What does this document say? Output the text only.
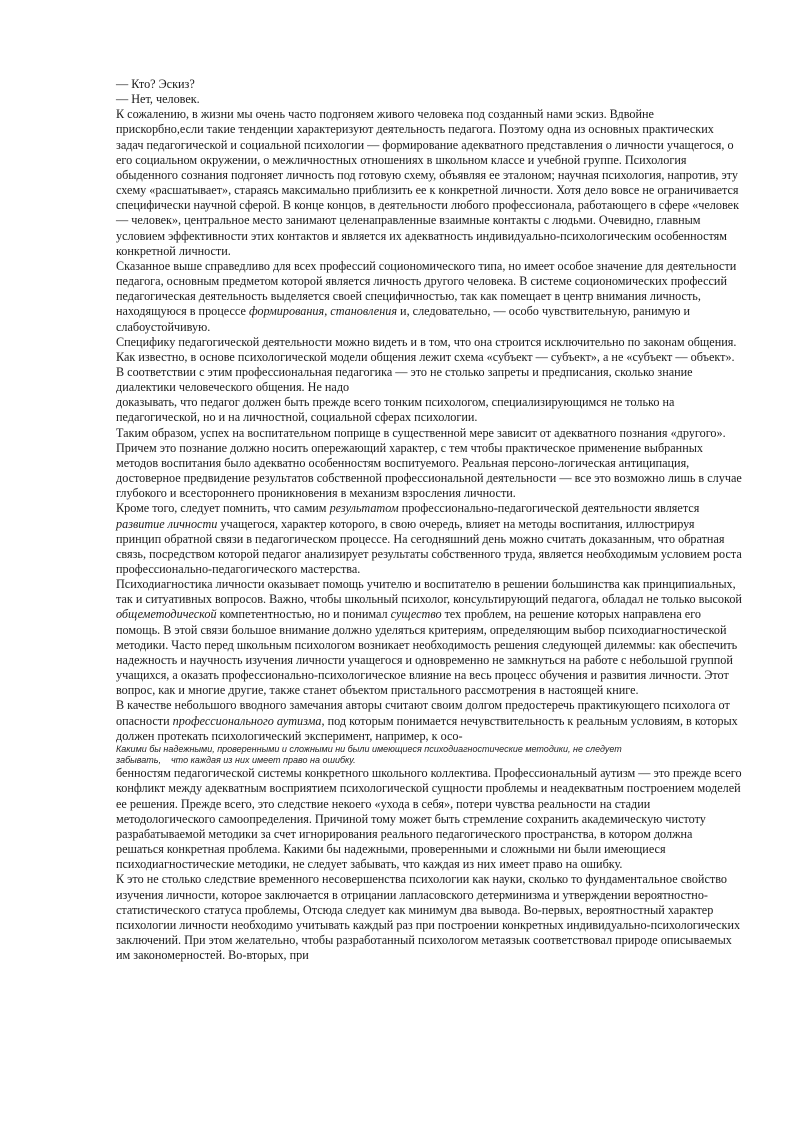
— Кто? Эскиз?

— Нет, человек.

К сожалению, в жизни мы очень часто подгоняем живого человека под созданный нами эскиз. Вдвойне прискорбно,если такие тенденции характеризуют деятельность педагога. Поэтому одна из основных практических задач педагогической и социальной психологии — формирование адекватного представления о личности учащегося, о его социальном окружении, о межличностных отношениях в школьном классе и учебной группе. Психология обыденного сознания подгоняет личность под готовую схему, объявляя ее эталоном; научная психология, напротив, эту схему «расшатывает», стараясь максимально приблизить ее к конкретной личности. Хотя дело вовсе не ограничивается специфически научной сферой. В конце концов, в деятельности любого профессионала, работающего в сфере «человек — человек», центральное место занимают целенаправленные взаимные контакты с людьми. Очевидно, главным условием эффективности этих контактов и является их адекватность индивидуально-психологическим особенностям конкретной личности.

Сказанное выше справедливо для всех профессий социономического типа, но имеет особое значение для деятельности педагога, основным предметом которой является личность другого человека. В системе социономических профессий педагогическая деятельность выделяется своей специфичностью, так как помещает в центр внимания личность, находящуюся в процессе формирования, становления и, следовательно, — особо чувствительную, ранимую и слабоустойчивую.

Специфику педагогической деятельности можно видеть и в том, что она строится исключительно по законам общения. Как известно, в основе психологической модели общения лежит схема «субъект — субъект», а не «субъект — объект». В соответствии с этим профессиональная педагогика — это не столько запреты и предписания, сколько знание диалектики человеческого общения. Не надо

доказывать, что педагог должен быть прежде всего тонким психологом, специализирующимся не только на педагогической, но и на личностной, социальной сферах психологии.

Таким образом, успех на воспитательном поприще в существенной мере зависит от адекватного познания «другого». Причем это познание должно носить опережающий характер, с тем чтобы практическое применение выбранных методов воспитания было адекватно особенностям воспитуемого. Реальная персоно-логическая антиципация, достоверное предвидение результатов собственной профессиональной деятельности — все это возможно лишь в случае глубокого и всестороннего проникновения в механизм взросления личности.

Кроме того, следует помнить, что самим результатом профессионально-педагогической деятельности является развитие личности учащегося, характер которого, в свою очередь, влияет на методы воспитания, иллюстрируя принцип обратной связи в педагогическом процессе. На сегодняшний день можно считать доказанным, что обратная связь, посредством которой педагог анализирует результаты собственного труда, является необходимым условием роста профессионально-педагогического мастерства.

Психодиагностика личности оказывает помощь учителю и воспитателю в решении большинства как принципиальных, так и ситуативных вопросов. Важно, чтобы школьный психолог, консультирующий педагога, обладал не только высокой общеметодической компетентностью, но и понимал существо тех проблем, на решение которых направлена его помощь. В этой связи большое внимание должно уделяться критериям, определяющим выбор психодиагностической методики. Часто перед школьным психологом возникает необходимость решения следующей дилеммы: как обеспечить надежность и научность изучения личности учащегося и одновременно не замкнуться на работе с небольшой группой учащихся, а оказать профессионально-психологическое влияние на весь процесс обучения и развития личности. Этот вопрос, как и многие другие, также станет объектом пристального рассмотрения в настоящей книге.

В качестве небольшого вводного замечания авторы считают своим долгом предостеречь практикующего психолога от опасности профессионального аутизма, под которым понимается нечувствительность к реальным условиям, в которых должен протекать психологический эксперимент, например, к осо-

Какими бы надежными, проверенными и сложными ни были имеющиеся психодиагностические методики, не следует
забывать,    что каждая из них имеет право на ошибку.

бенностям педагогической системы конкретного школьного коллектива. Профессиональный аутизм — это прежде всего конфликт между адекватным восприятием психологической сущности проблемы и неадекватным построением моделей ее решения. Прежде всего, это следствие некоего «ухода в себя», потери чувства реальности на стадии методологического самоопределения. Причиной тому может быть стремление сохранить академическую чистоту разрабатываемой методики за счет игнорирования реального педагогического пространства, в котором должна решаться конкретная проблема. Какими бы надежными, проверенными и сложными ни были имеющиеся психодиагностические методики, не следует забывать, что каждая из них имеет право на ошибку.

К это не столько следствие временного несовершенства психологии как науки, сколько то фундаментальное свойство изучения личности, которое заключается в отрицании лапласовского детерминизма и утверждении вероятностно-статистического статуса проблемы, Отсюда следует как минимум два вывода. Во-первых, вероятностный характер психологии личности необходимо учитывать каждый раз при построении конкретных индивидуально-психологических заключений. При этом желательно, чтобы разработанный психологом метаязык соответствовал природе описываемых им закономерностей. Во-вторых, при
